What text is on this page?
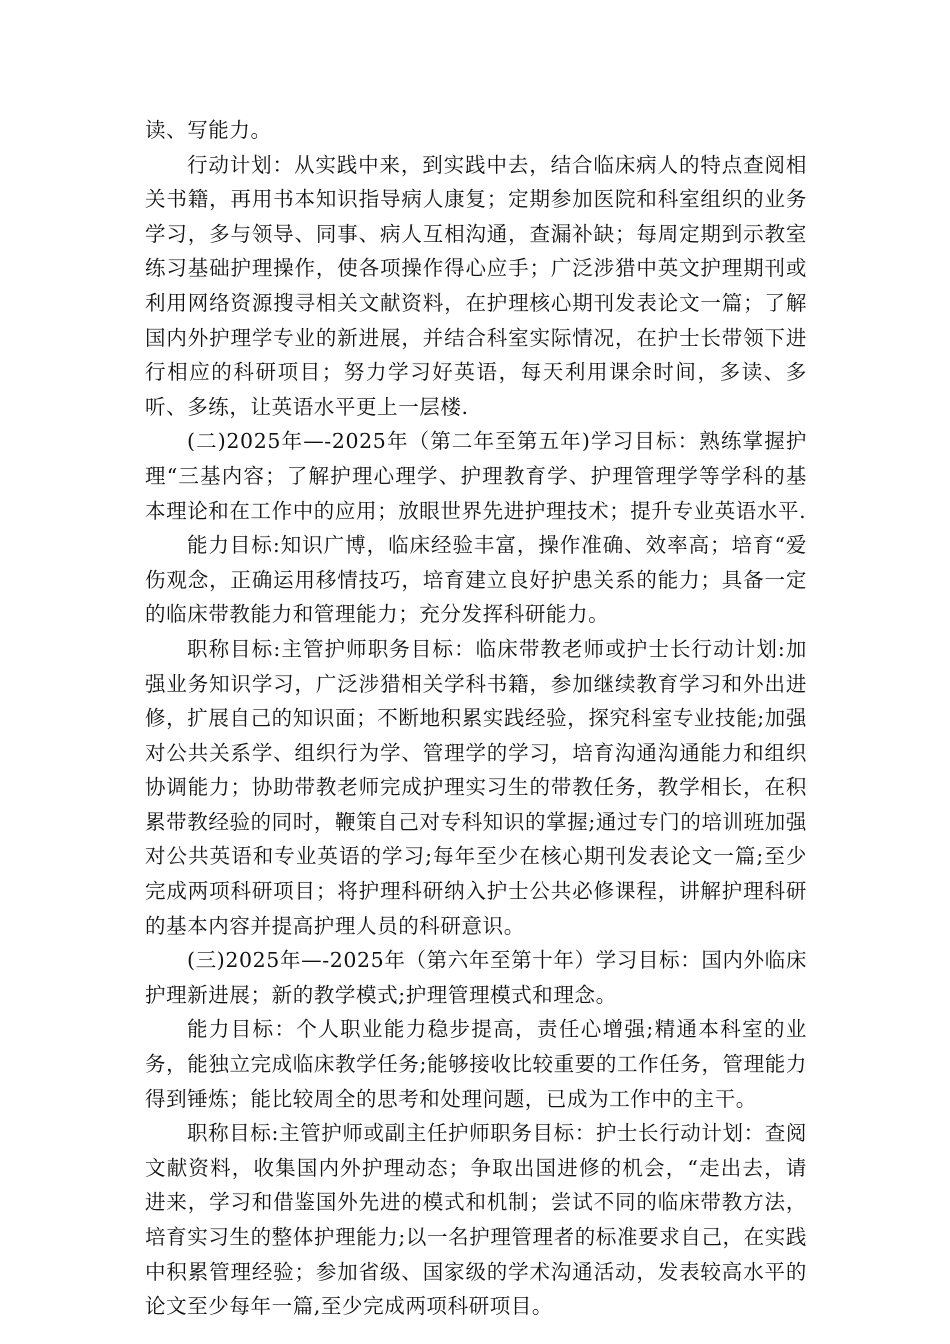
读、写能力。

行动计划：从实践中来，到实践中去，结合临床病人的特点查阅相关书籍，再用书本知识指导病人康复；定期参加医院和科室组织的业务学习，多与领导、同事、病人互相沟通，查漏补缺；每周定期到示教室练习基础护理操作，使各项操作得心应手；广泛涉猎中英文护理期刊或利用网络资源搜寻相关文献资料，在护理核心期刊发表论文一篇；了解国内外护理学专业的新进展，并结合科室实际情况，在护士长带领下进行相应的科研项目；努力学习好英语，每天利用课余时间，多读、多听、多练，让英语水平更上一层楼.

(二)2025年—-2025年（第二年至第五年)学习目标：熟练掌握护理“三基内容；了解护理心理学、护理教育学、护理管理学等学科的基本理论和在工作中的应用；放眼世界先进护理技术；提升专业英语水平.

能力目标:知识广博，临床经验丰富，操作准确、效率高；培育“爱伤观念，正确运用移情技巧，培育建立良好护患关系的能力；具备一定的临床带教能力和管理能力；充分发挥科研能力。

职称目标:主管护师职务目标：临床带教老师或护士长行动计划:加强业务知识学习，广泛涉猎相关学科书籍，参加继续教育学习和外出进修，扩展自己的知识面；不断地积累实践经验，探究科室专业技能;加强对公共关系学、组织行为学、管理学的学习，培育沟通沟通能力和组织协调能力；协助带教老师完成护理实习生的带教任务，教学相长，在积累带教经验的同时，鞭策自己对专科知识的掌握;通过专门的培训班加强对公共英语和专业英语的学习;每年至少在核心期刊发表论文一篇;至少完成两项科研项目；将护理科研纳入护士公共必修课程，讲解护理科研的基本内容并提高护理人员的科研意识。

(三)2025年—-2025年（第六年至第十年）学习目标：国内外临床护理新进展；新的教学模式;护理管理模式和理念。

能力目标：个人职业能力稳步提高，责任心增强;精通本科室的业务，能独立完成临床教学任务;能够接收比较重要的工作任务，管理能力得到锤炼；能比较周全的思考和处理问题，已成为工作中的主干。

职称目标:主管护师或副主任护师职务目标：护士长行动计划：查阅文献资料，收集国内外护理动态；争取出国进修的机会，“走出去，请进来，学习和借鉴国外先进的模式和机制；尝试不同的临床带教方法，培育实习生的整体护理能力;以一名护理管理者的标准要求自己，在实践中积累管理经验；参加省级、国家级的学术沟通活动，发表较高水平的论文至少每年一篇,至少完成两项科研项目。
